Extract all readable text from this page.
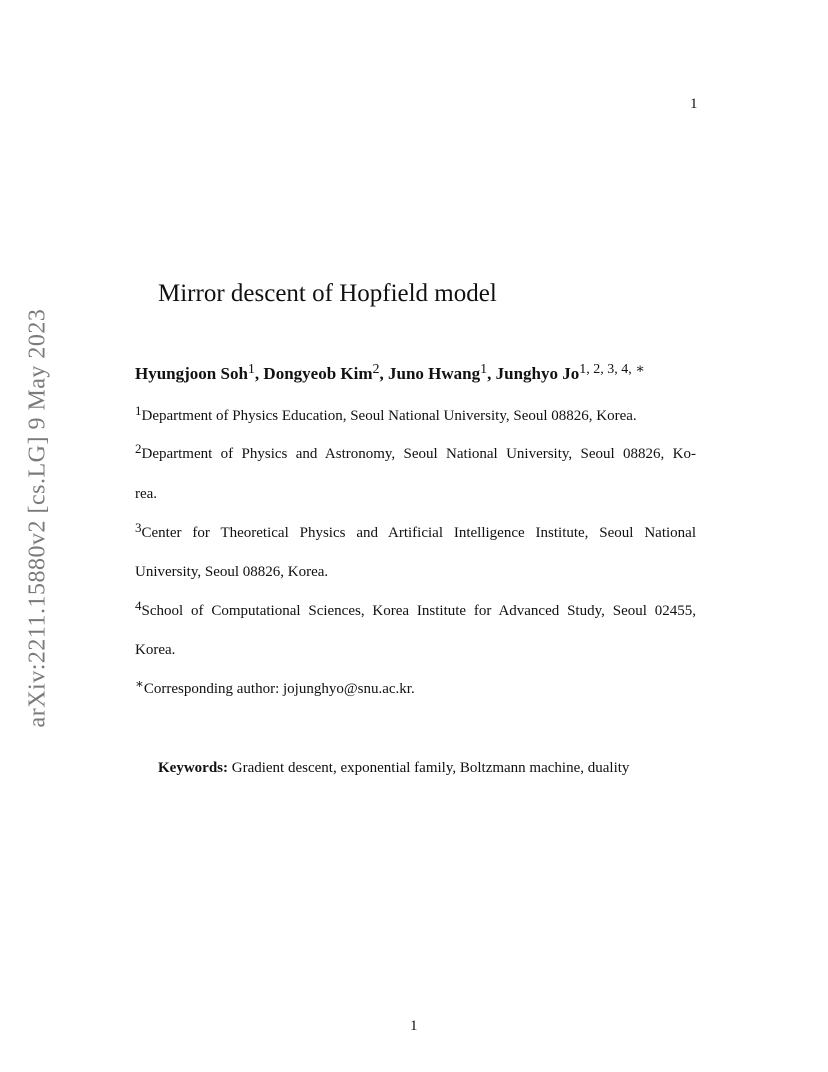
1
arXiv:2211.15880v2 [cs.LG] 9 May 2023
Mirror descent of Hopfield model
Hyungjoon Soh$^1$, Dongyeob Kim$^2$, Juno Hwang$^1$, Junghyo $Jo^{1, 2, 3, 4, ∗}$
$^1$Department of Physics Education, Seoul National University, Seoul 08826, Korea.
$^2$Department of Physics and Astronomy, Seoul National University, Seoul 08826, Ko-
rea.
$^3$Center for Theoretical Physics and Artificial Intelligence Institute, Seoul National
University, Seoul 08826, Korea.
$^4$School of Computational Sciences, Korea Institute for Advanced Study, Seoul 02455,
Korea.
∗Corresponding author: jojunghyo@snu.ac.kr.
Keywords: Gradient descent, exponential family, Boltzmann machine, duality
1
